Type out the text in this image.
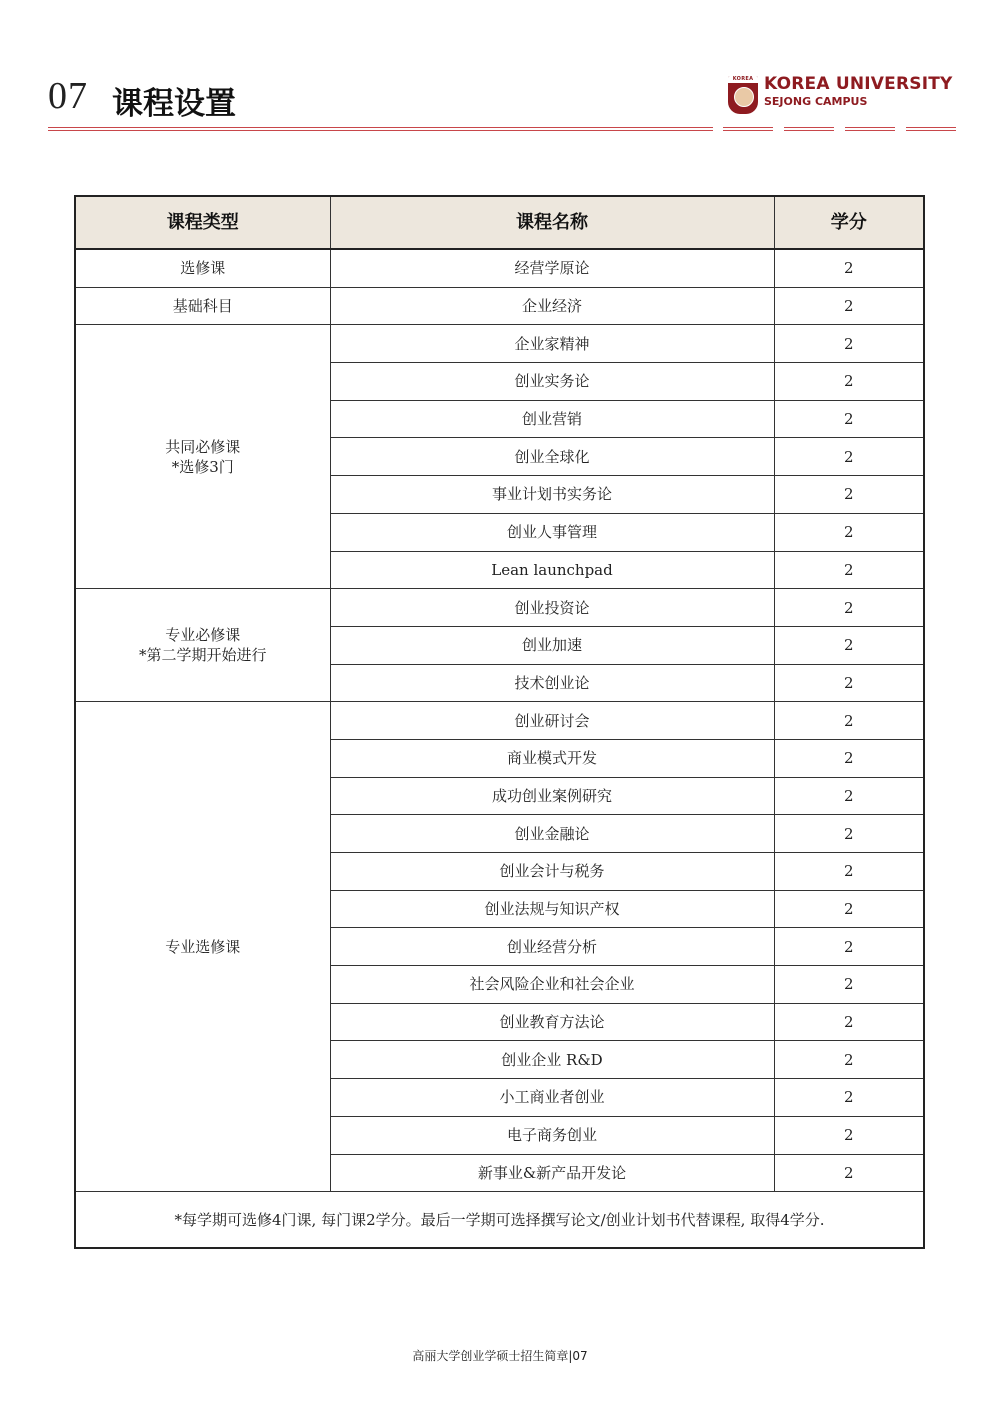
07 课程设置
KOREA KOREA UNIVERSITY
SEJONG CAMPUS
课程类型	课程名称	学分
选修课	经营学原论	2
基础科目	企业经济	2
共同必修课
*选修3门	企业家精神	2
	创业实务论	2
	创业营销	2
	创业全球化	2
	事业计划书实务论	2
	创业人事管理	2
	Lean launchpad	2
专业必修课
*第二学期开始进行	创业投资论	2
	创业加速	2
	技术创业论	2
专业选修课	创业研讨会	2
	商业模式开发	2
	成功创业案例研究	2
	创业金融论	2
	创业会计与税务	2
	创业法规与知识产权	2
	创业经营分析	2
	社会风险企业和社会企业	2
	创业教育方法论	2
	创业企业 R&D	2
	小工商业者创业	2
	电子商务创业	2
	新事业&新产品开发论	2
*每学期可选修4门课, 每门课2学分。最后一学期可选择撰写论文/创业计划书代替课程, 取得4学分.		
高丽大学创业学硕士招生简章|07
